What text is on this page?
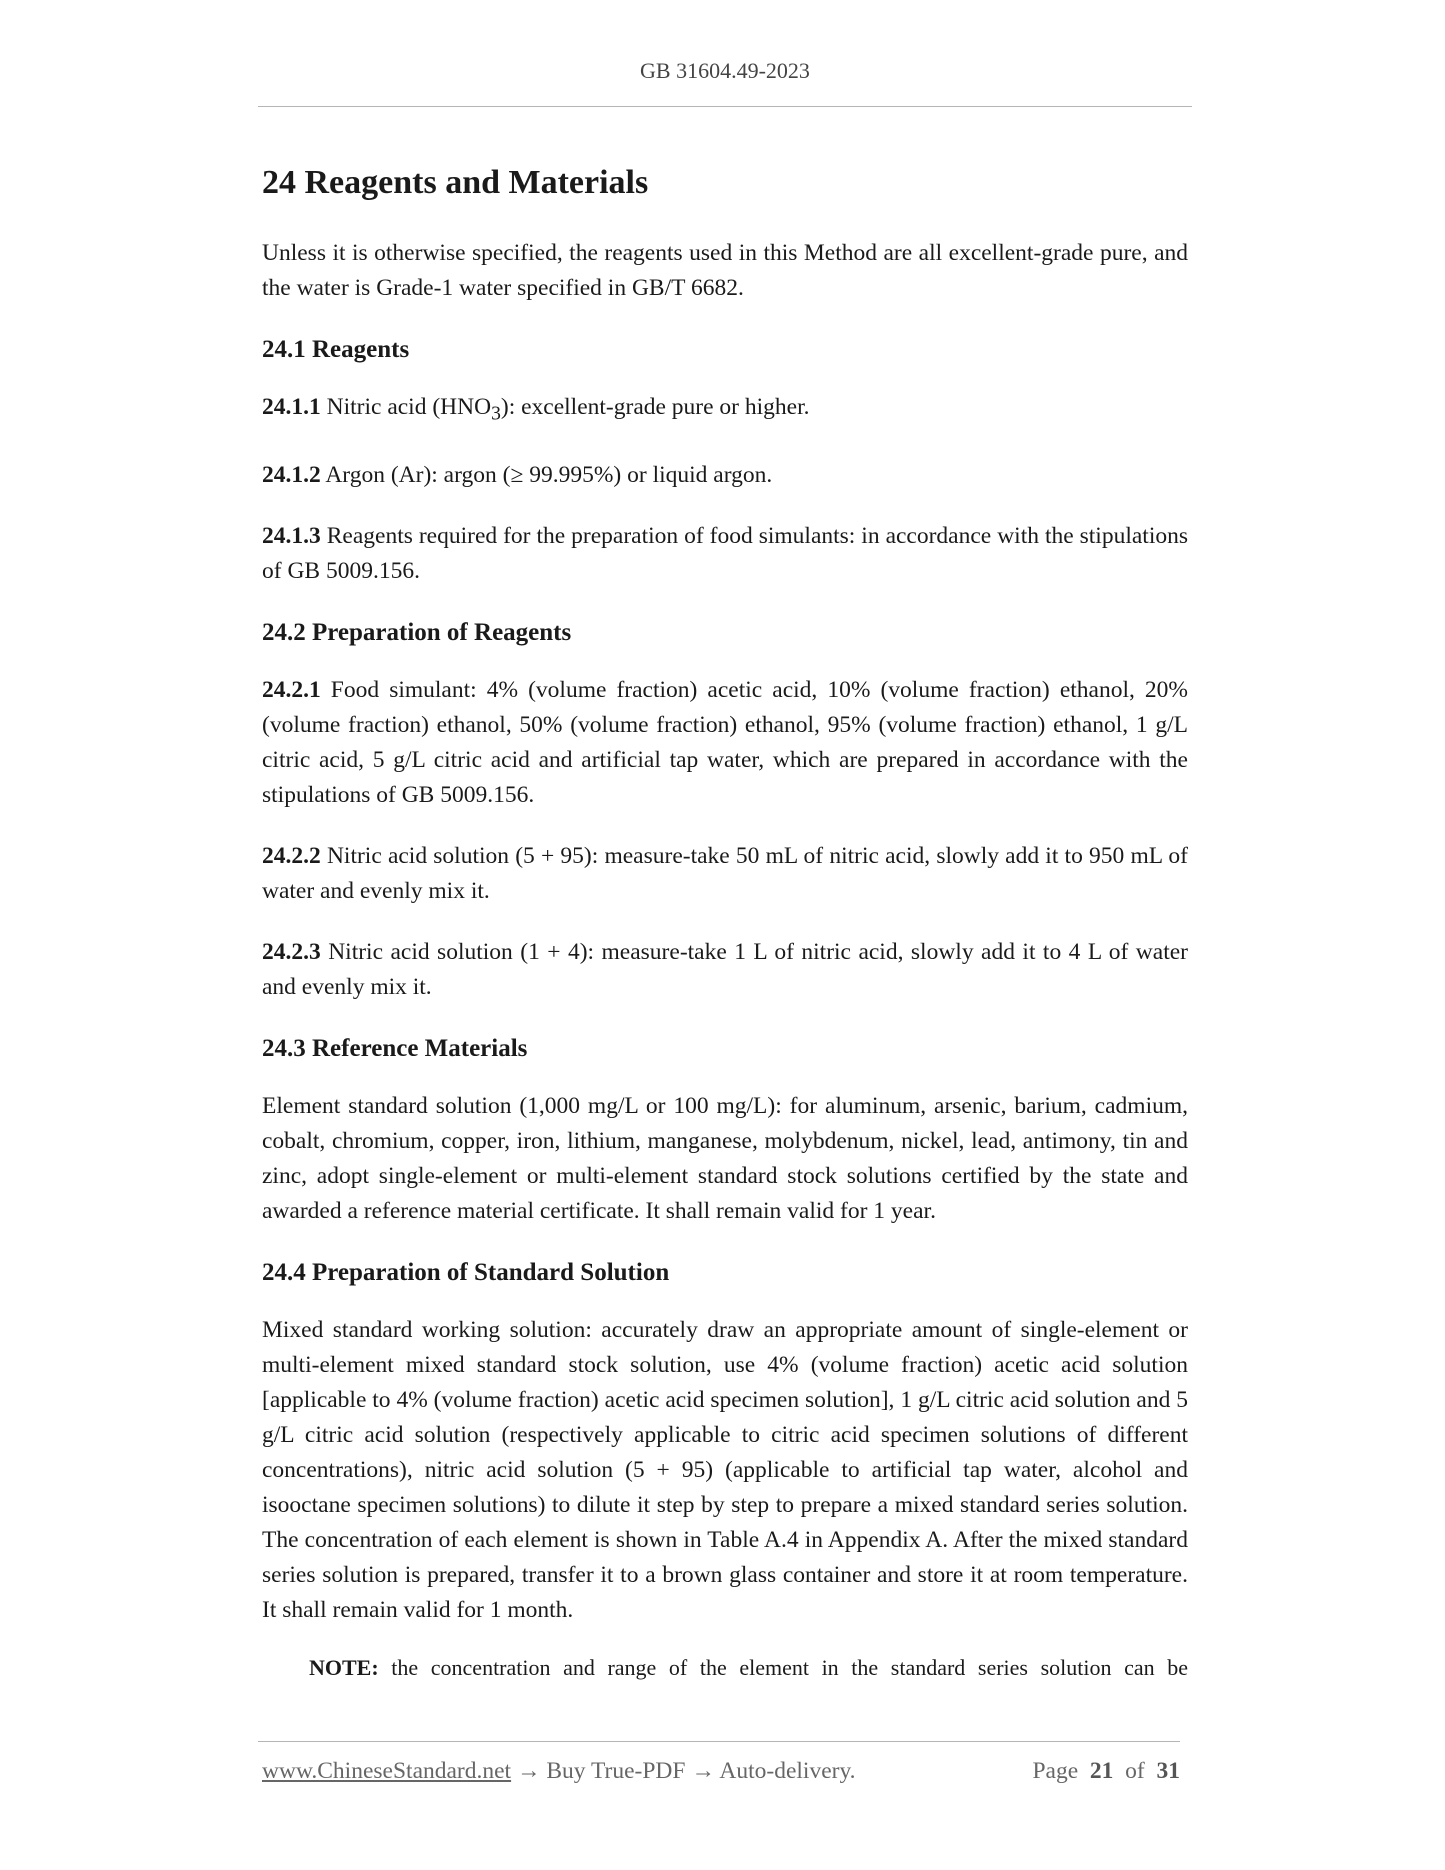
GB 31604.49-2023
24 Reagents and Materials

Unless it is otherwise specified, the reagents used in this Method are all excellent-grade pure, and the water is Grade-1 water specified in GB/T 6682.

24.1 Reagents

24.1.1 Nitric acid $(HNO_3)$: excellent-grade pure or higher.

24.1.2 Argon (Ar): argon (≥ 99.995%) or liquid argon.

24.1.3 Reagents required for the preparation of food simulants: in accordance with the stipulations of GB 5009.156.

24.2 Preparation of Reagents

24.2.1 Food simulant: 4% (volume fraction) acetic acid, 10% (volume fraction) ethanol, 20% (volume fraction) ethanol, 50% (volume fraction) ethanol, 95% (volume fraction) ethanol, 1 g/L citric acid, 5 g/L citric acid and artificial tap water, which are prepared in accordance with the stipulations of GB 5009.156.

24.2.2 Nitric acid solution (5 + 95): measure-take 50 mL of nitric acid, slowly add it to 950 mL of water and evenly mix it.

24.2.3 Nitric acid solution (1 + 4): measure-take 1 L of nitric acid, slowly add it to 4 L of water and evenly mix it.

24.3 Reference Materials

Element standard solution (1,000 mg/L or 100 mg/L): for aluminum, arsenic, barium, cadmium, cobalt, chromium, copper, iron, lithium, manganese, molybdenum, nickel, lead, antimony, tin and zinc, adopt single-element or multi-element standard stock solutions certified by the state and awarded a reference material certificate. It shall remain valid for 1 year.

24.4 Preparation of Standard Solution

Mixed standard working solution: accurately draw an appropriate amount of single-element or multi-element mixed standard stock solution, use 4% (volume fraction) acetic acid solution [applicable to 4% (volume fraction) acetic acid specimen solution], 1 g/L citric acid solution and 5 g/L citric acid solution (respectively applicable to citric acid specimen solutions of different concentrations), nitric acid solution (5 + 95) (applicable to artificial tap water, alcohol and isooctane specimen solutions) to dilute it step by step to prepare a mixed standard series solution. The concentration of each element is shown in Table A.4 in Appendix A. After the mixed standard series solution is prepared, transfer it to a brown glass container and store it at room temperature. It shall remain valid for 1 month.

NOTE: the concentration and range of the element in the standard series solution can be

www.ChineseStandard.net → Buy True-PDF → Auto-delivery.	Page 21 of 31
